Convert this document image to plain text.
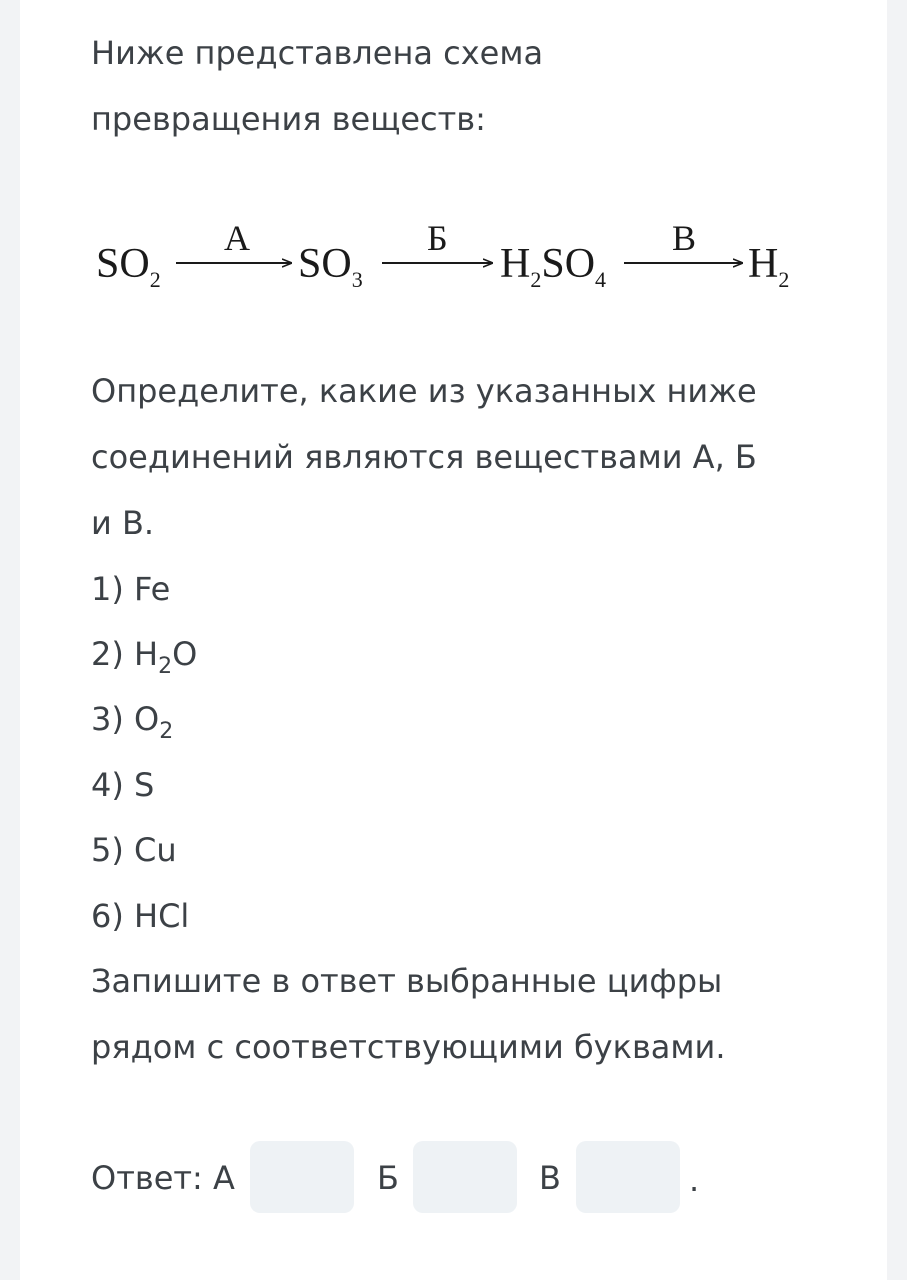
Ниже представлена схема
превращения веществ:
Определите, какие из указанных ниже
соединений являются веществами А, Б
и В.
1) Fe
2) $H_2O$
3) $O_2$
4) S
5) Cu
6) HCl
Запишите в ответ выбранные цифры
рядом с соответствующими буквами.
Ответ: А	Б	В	.
$SO_2$
А
$SO_3$
Б
$H_2SO_4$
В
$H_2$
